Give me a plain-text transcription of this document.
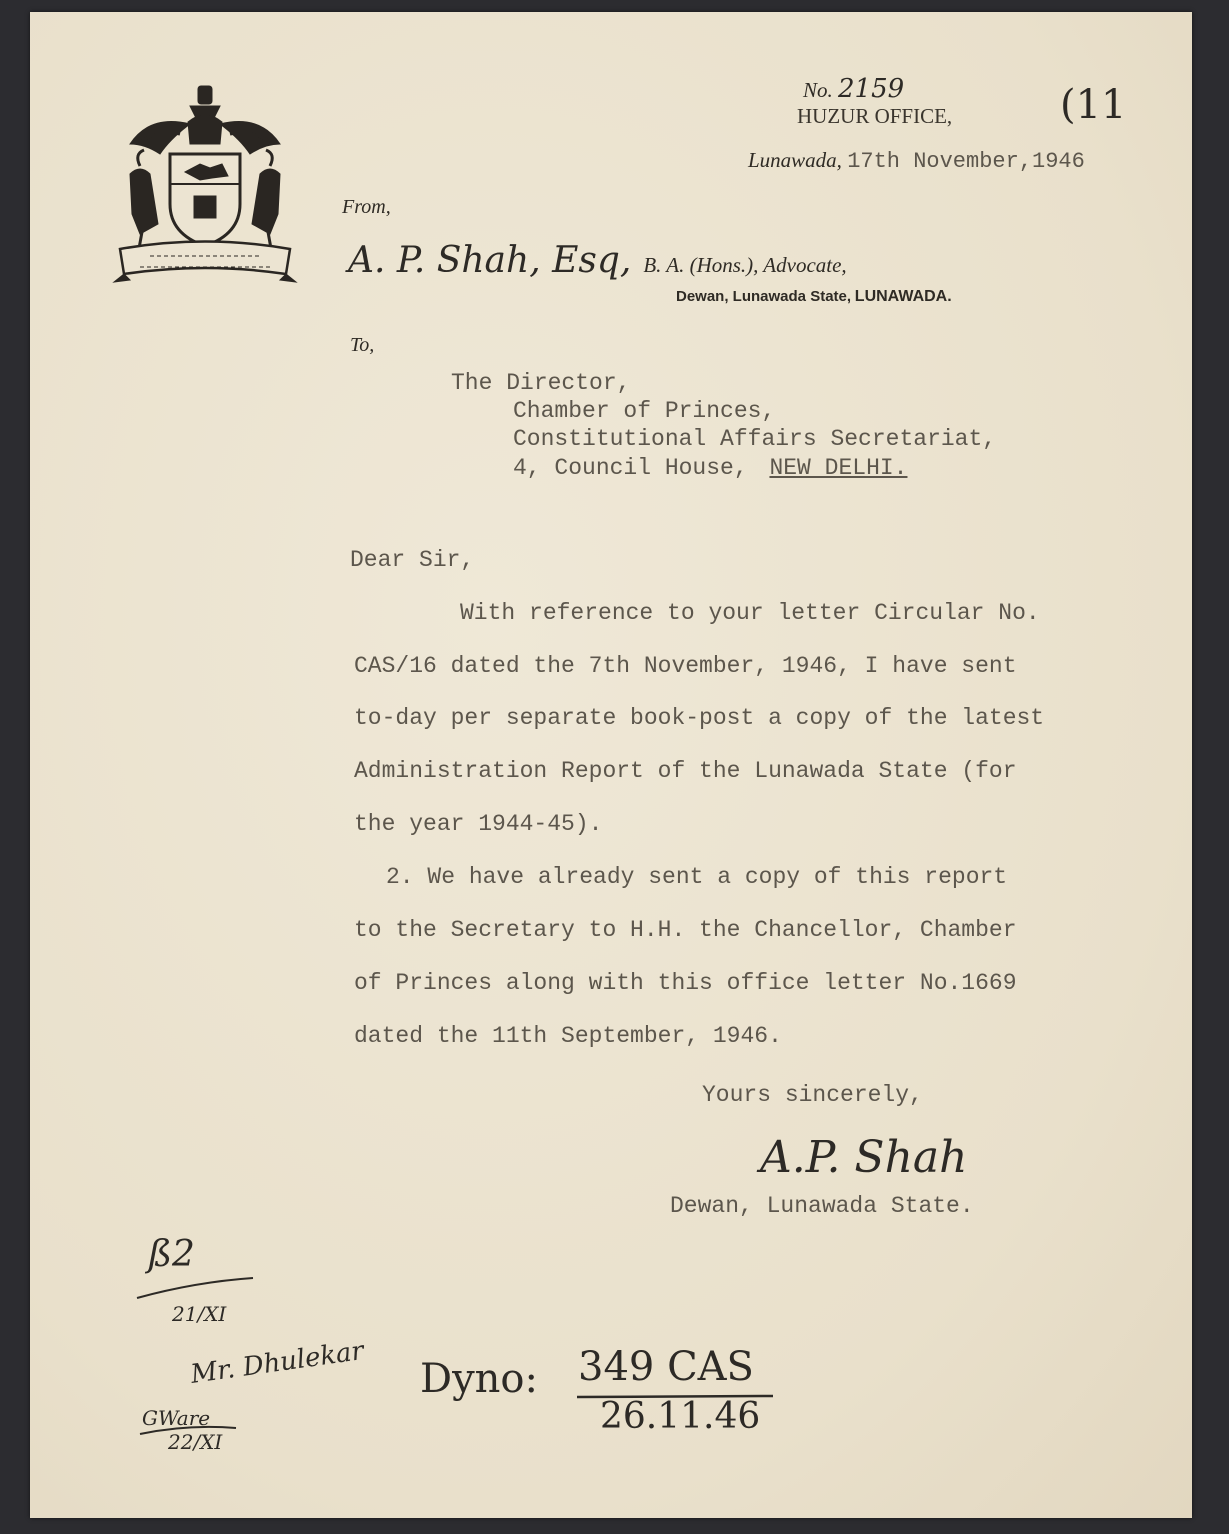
No. 2159
HUZUR OFFICE,
Lunawada, 17th November,1946
(11
From,
A. P. Shah, Esq, B. A. (Hons.), Advocate,
Dewan, Lunawada State, LUNAWADA.
To,
The Director,
Chamber of Princes,
Constitutional Affairs Secretariat,
4, Council House, NEW DELHI.
Dear Sir,
With reference to your letter Circular No.
CAS/16 dated the 7th November, 1946, I have sent
to-day per separate book-post a copy of the latest
Administration Report of the Lunawada State (for
the year 1944-45).
2. We have already sent a copy of this report
to the Secretary to H.H. the Chancellor, Chamber
of Princes along with this office letter No.1669
dated the 11th September, 1946.
Yours sincerely,
A.P. Shah
Dewan, Lunawada State.
ß2
21/XI
Mr. Dhulekar
GWare
22/XI
Dyno: 349 CAS
26.11.46
